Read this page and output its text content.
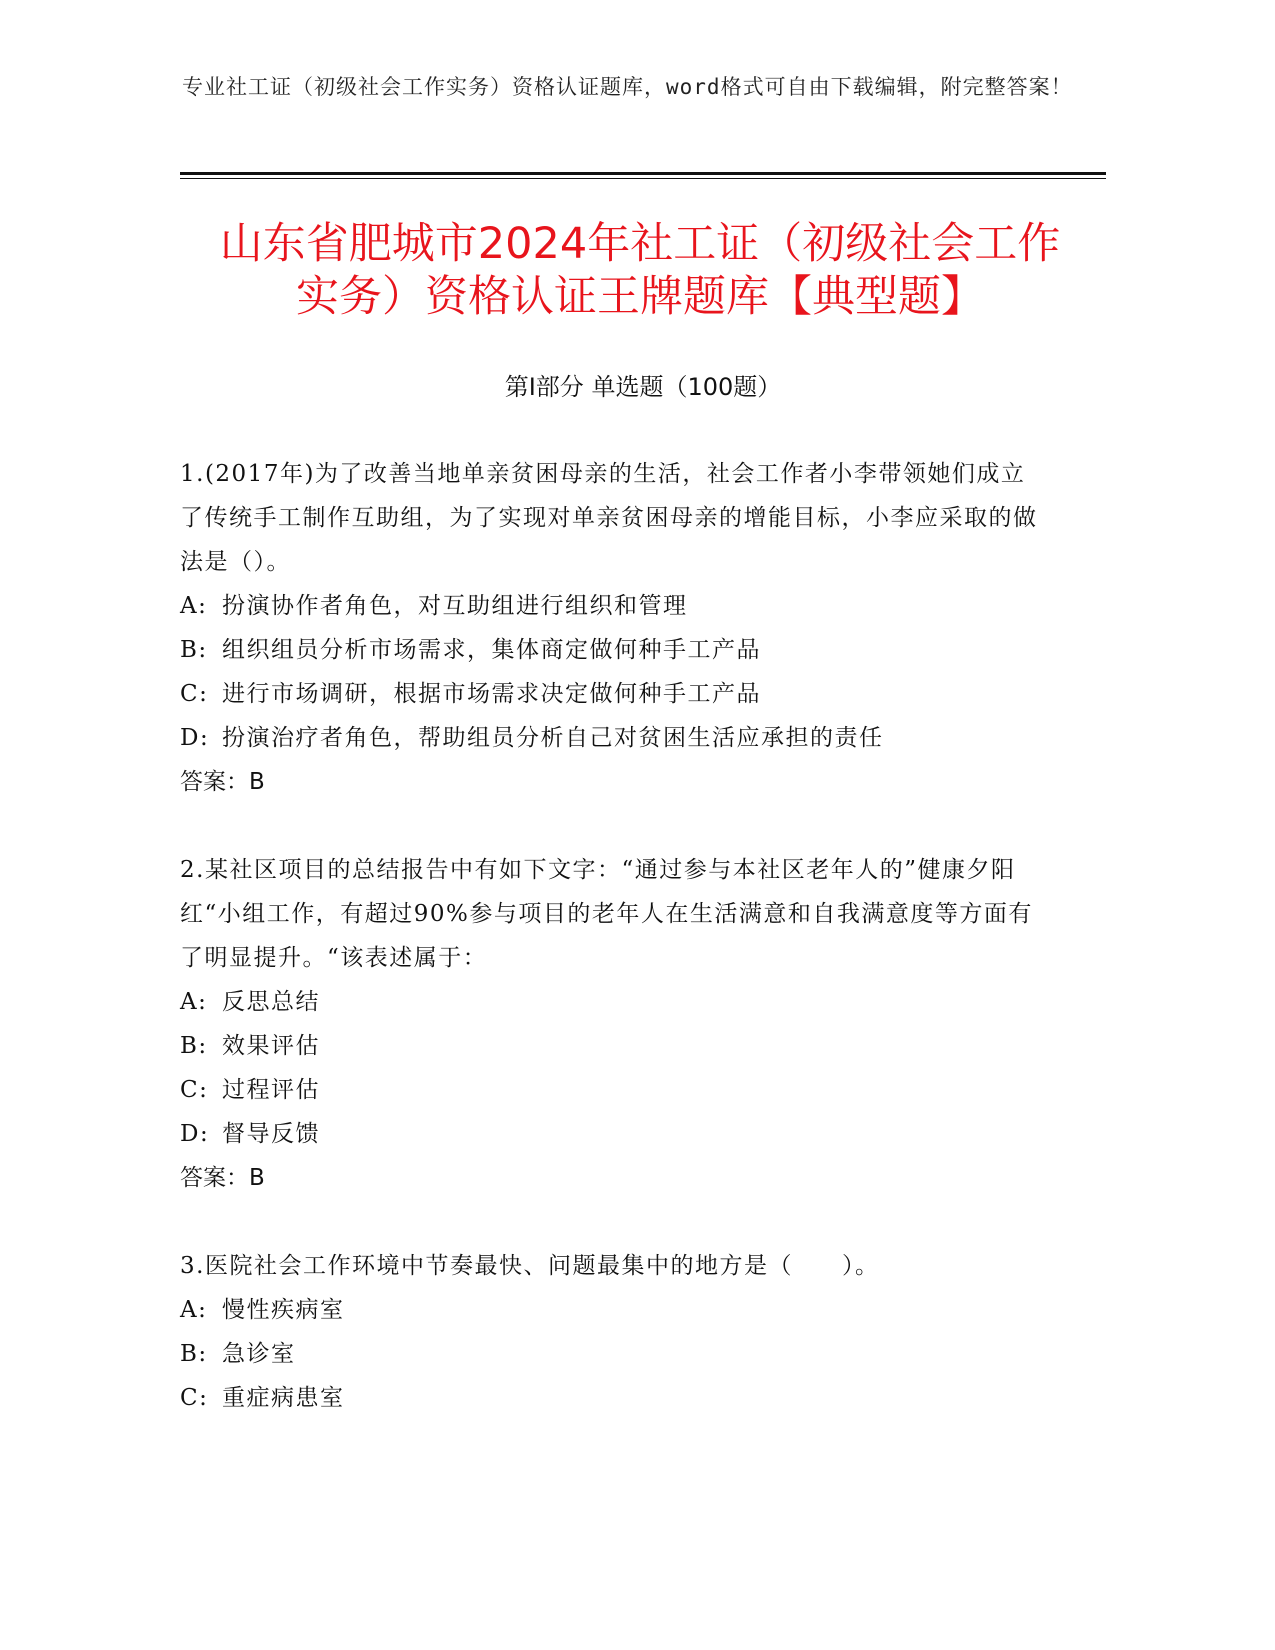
专业社工证（初级社会工作实务）资格认证题库，word格式可自由下载编辑，附完整答案！
山东省肥城市2024年社工证（初级社会工作
实务）资格认证王牌题库【典型题】
第Ⅰ部分 单选题（100题）
1.(2017年)为了改善当地单亲贫困母亲的生活，社会工作者小李带领她们成立了传统手工制作互助组，为了实现对单亲贫困母亲的增能目标，小李应采取的做法是（）。
A: 扮演协作者角色，对互助组进行组织和管理
B: 组织组员分析市场需求，集体商定做何种手工产品
C: 进行市场调研，根据市场需求决定做何种手工产品
D: 扮演治疗者角色，帮助组员分析自己对贫困生活应承担的责任
答案：B
2.某社区项目的总结报告中有如下文字：“通过参与本社区老年人的”健康夕阳红“小组工作，有超过90%参与项目的老年人在生活满意和自我满意度等方面有了明显提升。“该表述属于：
A: 反思总结
B: 效果评估
C: 过程评估
D: 督导反馈
答案：B
3.医院社会工作环境中节奏最快、问题最集中的地方是（　　）。
A: 慢性疾病室
B: 急诊室
C: 重症病患室
